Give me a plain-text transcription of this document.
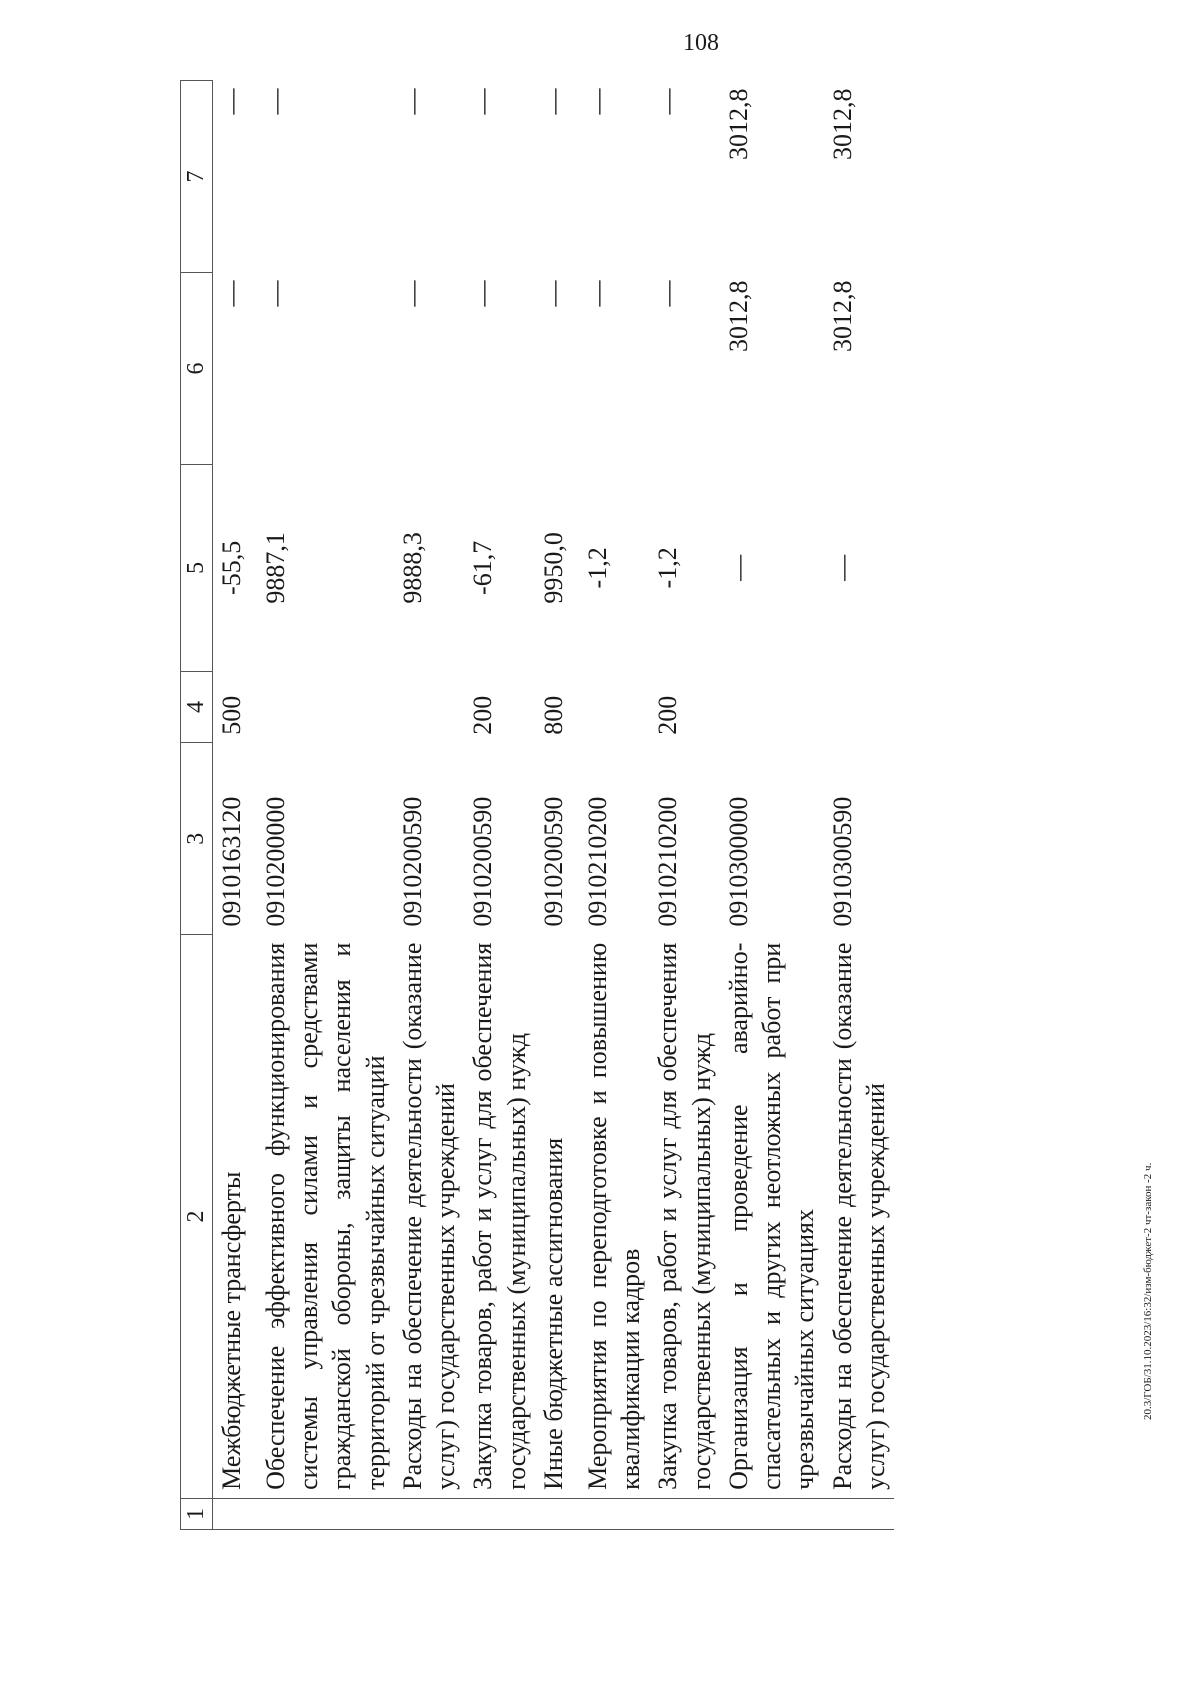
108
1	2	3	4	5	6	7
	Межбюджетные трансферты	0910163120	500	-55,5	—	—
	Обеспечение эффективного функционирования системы управления силами и средствами гражданской обороны, защиты населения и территорий от чрезвычайных ситуаций	0910200000		9887,1	—	—
	Расходы на обеспечение деятельности (оказание услуг) государственных учреждений	0910200590		9888,3	—	—
	Закупка товаров, работ и услуг для обеспечения государственных (муниципальных) нужд	0910200590	200	-61,7	—	—
	Иные бюджетные ассигнования	0910200590	800	9950,0	—	—
	Мероприятия по переподготовке и повышению квалификации кадров	0910210200		-1,2	—	—
	Закупка товаров, работ и услуг для обеспечения государственных (муниципальных) нужд	0910210200	200	-1,2	—	—
	Организация и проведение аварийно-спасательных и других неотложных работ при чрезвычайных ситуациях	0910300000		—	3012,8	3012,8
	Расходы на обеспечение деятельности (оказание услуг) государственных учреждений	0910300590		—	3012,8	3012,8
20.3/ГОБ/31.10.2023/16:32/изм-бюджет-2 чт-закон -2 ч.
